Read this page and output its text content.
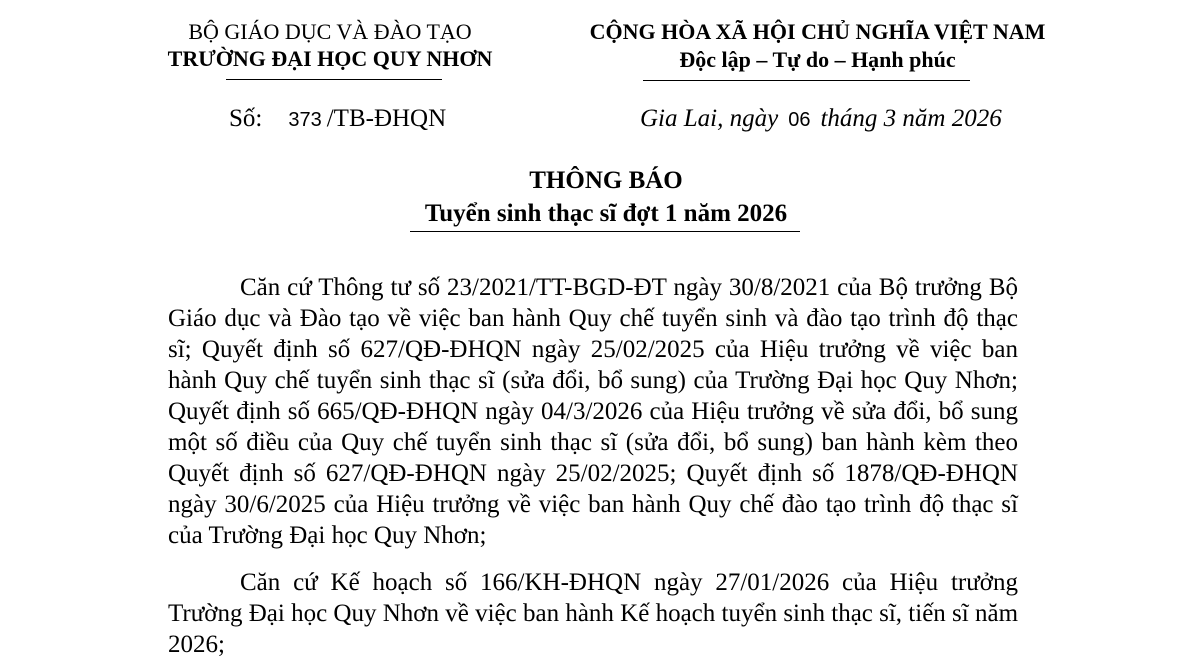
BỘ GIÁO DỤC VÀ ĐÀO TẠO
TRƯỜNG ĐẠI HỌC QUY NHƠN
CỘNG HÒA XÃ HỘI CHỦ NGHĨA VIỆT NAM
Độc lập – Tự do – Hạnh phúc
Số: 373 /TB-ĐHQN	Gia Lai, ngày 06 tháng 3 năm 2026
THÔNG BÁO
Tuyển sinh thạc sĩ đợt 1 năm 2026

Căn cứ Thông tư số 23/2021/TT-BGD-ĐT ngày 30/8/2021 của Bộ trưởng Bộ Giáo dục và Đào tạo về việc ban hành Quy chế tuyển sinh và đào tạo trình độ thạc sĩ; Quyết định số 627/QĐ-ĐHQN ngày 25/02/2025 của Hiệu trưởng về việc ban hành Quy chế tuyển sinh thạc sĩ (sửa đổi, bổ sung) của Trường Đại học Quy Nhơn; Quyết định số 665/QĐ-ĐHQN ngày 04/3/2026 của Hiệu trưởng về sửa đổi, bổ sung một số điều của Quy chế tuyển sinh thạc sĩ (sửa đổi, bổ sung) ban hành kèm theo Quyết định số 627/QĐ-ĐHQN ngày 25/02/2025; Quyết định số 1878/QĐ-ĐHQN ngày 30/6/2025 của Hiệu trưởng về việc ban hành Quy chế đào tạo trình độ thạc sĩ của Trường Đại học Quy Nhơn;

Căn cứ Kế hoạch số 166/KH-ĐHQN ngày 27/01/2026 của Hiệu trưởng Trường Đại học Quy Nhơn về việc ban hành Kế hoạch tuyển sinh thạc sĩ, tiến sĩ năm 2026;
